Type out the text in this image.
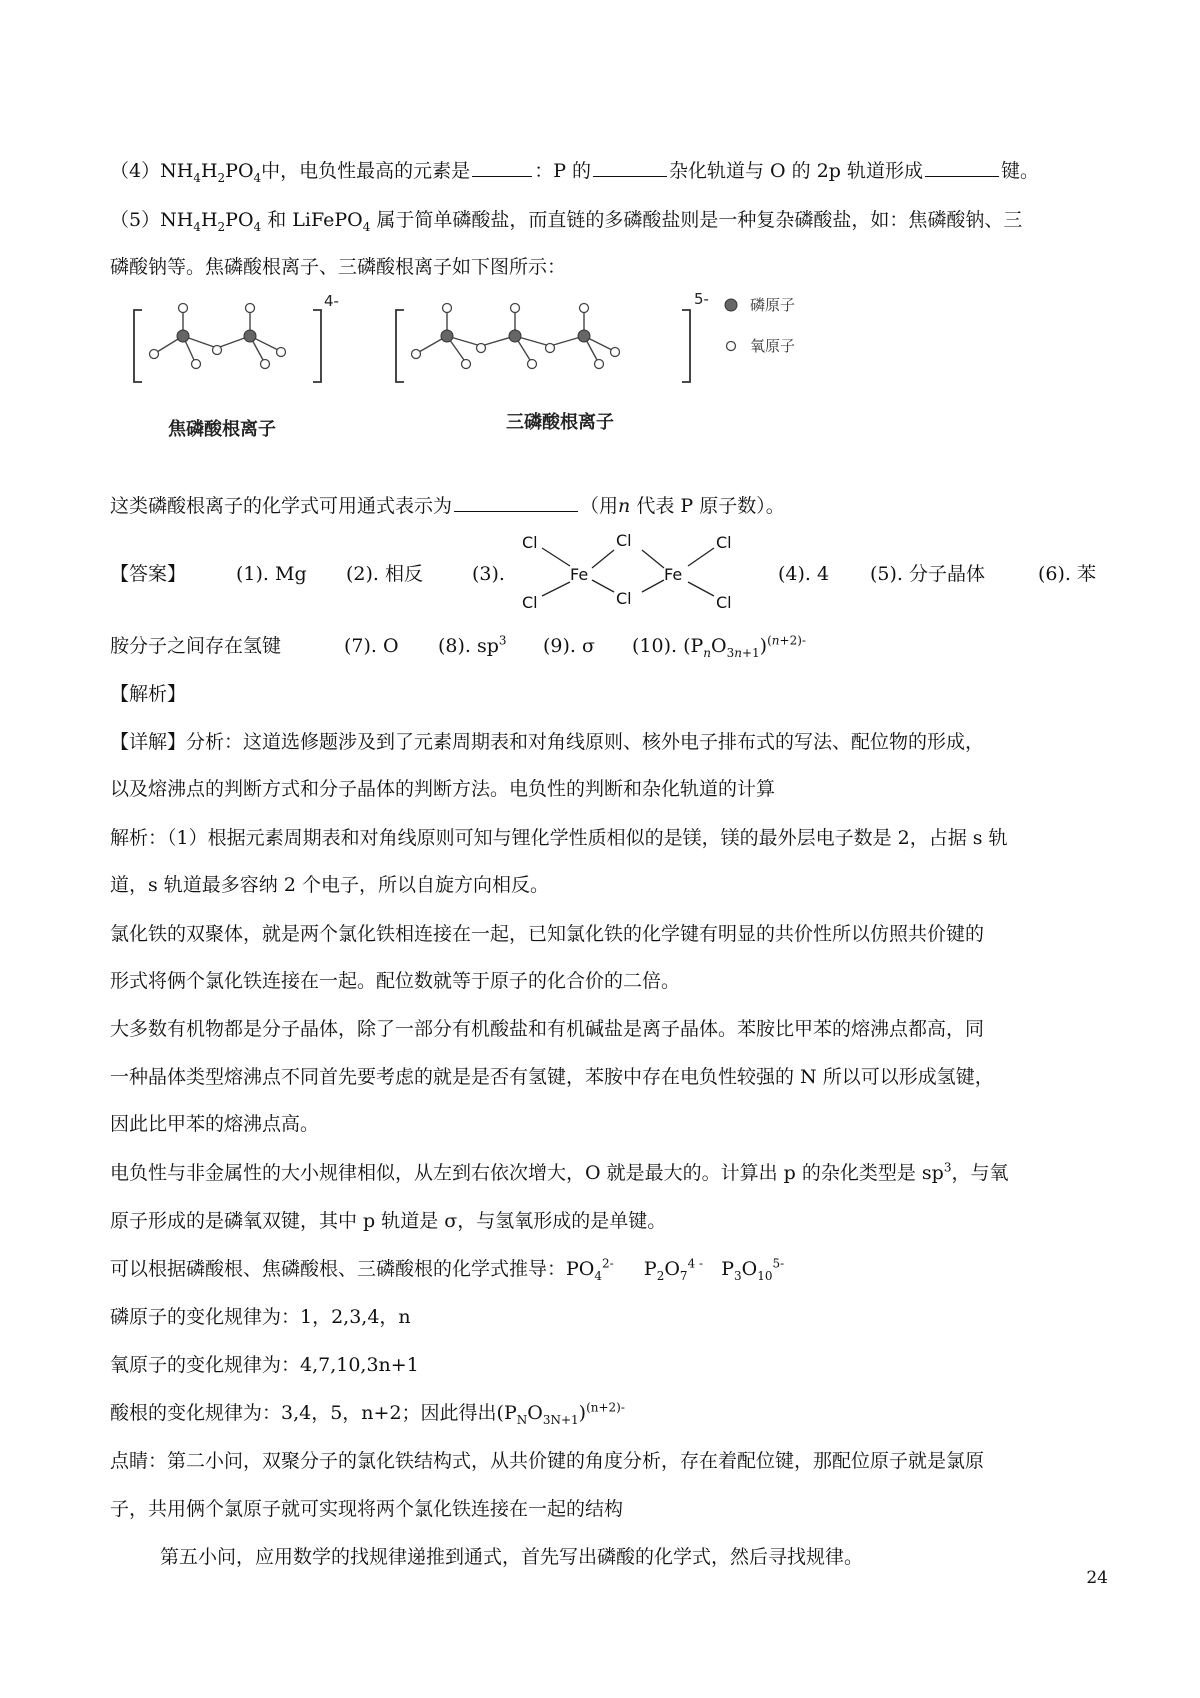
$(4)NH_4H_2PO_4$中，电负性最高的元素是	：P 的	杂化轨道与 O 的 2p 轨道形成	键。
$(5)NH_4H_2PO_4$ 和 LiFePO$_4$ 属于简单磷酸盐，而直链的多磷酸盐则是一种复杂磷酸盐，如：焦磷酸钠、三
磷酸钠等。焦磷酸根离子、三磷酸根离子如下图所示：
4-	5-	磷原子
氧原子
焦磷酸根离子	三磷酸根离子
这类磷酸根离子的化学式可用通式表示为	（用n 代表 P 原子数）。
【答案】	(1). Mg (2). 相反	(3).
Cl
Cl
Cl
Cl
Cl
Cl
Fe	Fe	(4). 4 (5). 分子晶体	(6). 苯
胺分子之间存在氢键	(7). O (8). $sp^3$ (9). σ (10). $(P_nO_{3n+1})^{(n+2)-}$
【解析】
【详解】分析：这道选修题涉及到了元素周期表和对角线原则、核外电子排布式的写法、配位物的形成，
以及熔沸点的判断方式和分子晶体的判断方法。电负性的判断和杂化轨道的计算
解析：（1）根据元素周期表和对角线原则可知与锂化学性质相似的是镁，镁的最外层电子数是 2，占据 s 轨
道，s 轨道最多容纳 2 个电子，所以自旋方向相反。
氯化铁的双聚体，就是两个氯化铁相连接在一起，已知氯化铁的化学键有明显的共价性所以仿照共价键的
形式将俩个氯化铁连接在一起。配位数就等于原子的化合价的二倍。
大多数有机物都是分子晶体，除了一部分有机酸盐和有机碱盐是离子晶体。苯胺比甲苯的熔沸点都高，同
一种晶体类型熔沸点不同首先要考虑的就是是否有氢键，苯胺中存在电负性较强的 N 所以可以形成氢键，
因此比甲苯的熔沸点高。
电负性与非金属性的大小规律相似，从左到右依次增大，O 就是最大的。计算出 p 的杂化类型是 $sp^3$，与氧
原子形成的是磷氧双键，其中 p 轨道是 σ，与氢氧形成的是单键。
可以根据磷酸根、焦磷酸根、三磷酸根的化学式推导：$PO_4^{2-}$     $P_2O_7^{4 -}$   $P_3O_{10}^{5-}$
磷原子的变化规律为：1，2,3,4，n
氧原子的变化规律为：4,7,10,3n+1
酸根的变化规律为：3,4，5，n+2；因此得出$(P_NO_{3N+1})^{(n+2)-}$
点睛：第二小问，双聚分子的氯化铁结构式，从共价键的角度分析，存在着配位键，那配位原子就是氯原
子，共用俩个氯原子就可实现将两个氯化铁连接在一起的结构
第五小问，应用数学的找规律递推到通式，首先写出磷酸的化学式，然后寻找规律。
24
